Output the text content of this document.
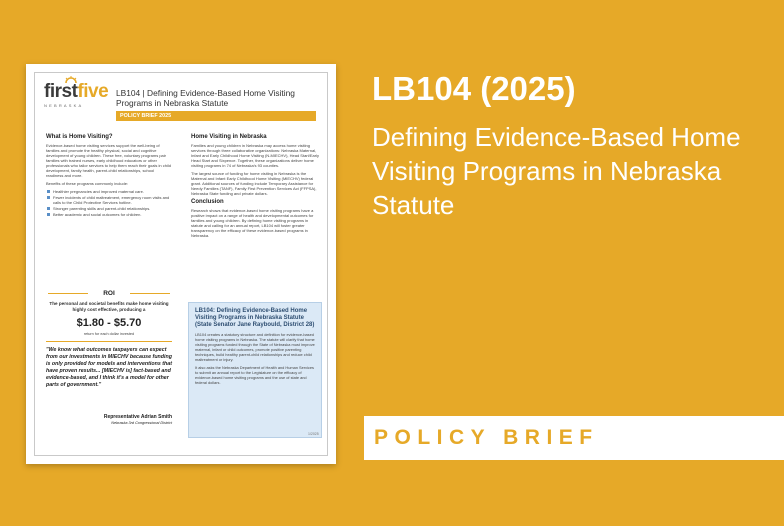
firstfive
NEBRASKA
LB104 | Defining Evidence-Based Home Visiting Programs in Nebraska Statute
POLICY BRIEF 2025
What is Home Visiting?

Evidence-based home visiting services support the well-being of families and promote the healthy physical, social and cognitive development of young children. These free, voluntary programs pair families with trained nurses, early childhood educators or other professionals who tailor services to help them reach their goals in child development, family health, parent-child relationships, school readiness and more.

Benefits of these programs commonly include:

Healthier pregnancies and improved maternal care.
Fewer incidents of child maltreatment, emergency room visits and calls to the Child Protective Services hotline.
Stronger parenting skills and parent-child relationships.
Better academic and social outcomes for children.
ROI
The personal and societal benefits make home visiting highly cost effective, producing a
$1.80 - $5.70
return for each dollar invested
"We know what outcomes taxpayers can expect from our investments in MIECHV because funding is only provided for models and interventions that have proven results... [MIECHV is] fact-based and evidence-based, and I think it's a model for other parts of government."
Representative Adrian Smith
Nebraska 3rd Congressional District
Home Visiting in Nebraska

Families and young children in Nebraska may access home visiting services through three collaborative organizations: Nebraska Maternal, Infant and Early Childhood Home Visiting (N-MIECHV), Head Start/Early Head Start and Sixpence. Together, these organizations deliver home visiting programs in 74 of Nebraska's 93 counties.

The largest source of funding for home visiting in Nebraska is the Maternal and Infant Early Childhood Home Visiting (MIECHV) federal grant. Additional sources of funding include Temporary Assistance for Needy Families (TANF), Family First Prevention Services Act (FFPSA), Nebraska State funding and private dollars.

Conclusion

Research shows that evidence-based home visiting programs have a positive impact on a range of health and developmental outcomes for families and young children. By defining home visiting programs in statute and calling for an annual report, LB104 will foster greater transparency on the efficacy of these evidence-based programs in Nebraska.

LB104: Defining Evidence-Based Home Visiting Programs in Nebraska Statute (State Senator Jane Raybould, District 28)

LB104 creates a statutory structure and definition for evidence-based home visiting programs in Nebraska. The statute will clarify that home visiting programs funded through the State of Nebraska must improve maternal, infant or child outcomes, promote positive parenting techniques, build healthy parent-child relationships and reduce child maltreatment or injury.

It also asks the Nebraska Department of Health and Human Services to submit an annual report to the Legislature on the efficacy of evidence-based home visiting programs and the use of state and federal dollars.

1/2025
LB104 (2025)
Defining Evidence-Based Home Visiting Programs in Nebraska Statute
POLICY BRIEF
